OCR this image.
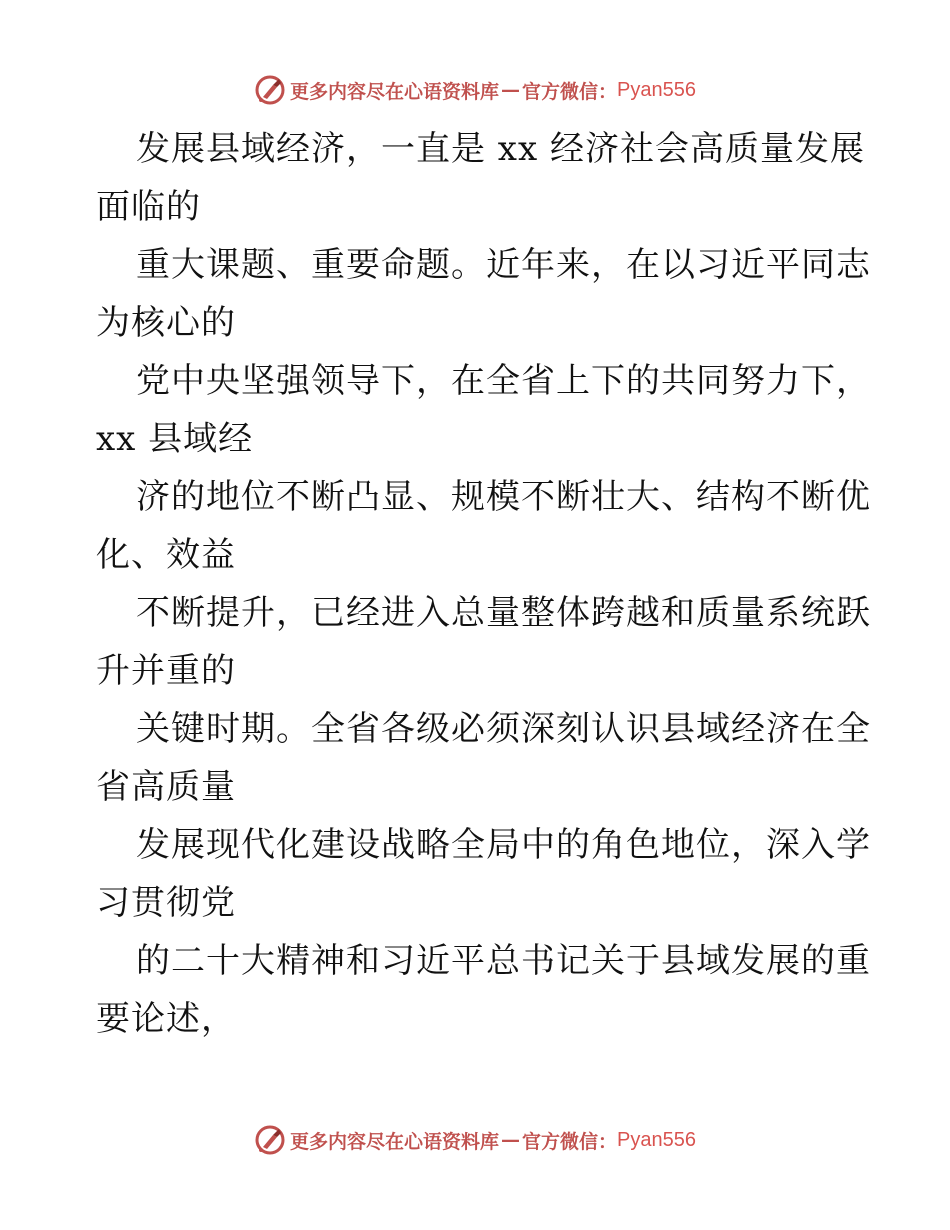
更多内容尽在心语资料库 — 官方微信： Pyan556
发展县域经济，一直是 xx 经济社会高质量发展
面临的
重大课题、重要命题。近年来，在以习近平同志
为核心的
党中央坚强领导下，在全省上下的共同努力下，
xx 县域经
济的地位不断凸显、规模不断壮大、结构不断优
化、效益
不断提升，已经进入总量整体跨越和质量系统跃
升并重的
关键时期。全省各级必须深刻认识县域经济在全
省高质量
发展现代化建设战略全局中的角色地位，深入学
习贯彻党
的二十大精神和习近平总书记关于县域发展的重
要论述，
更多内容尽在心语资料库 — 官方微信： Pyan556
